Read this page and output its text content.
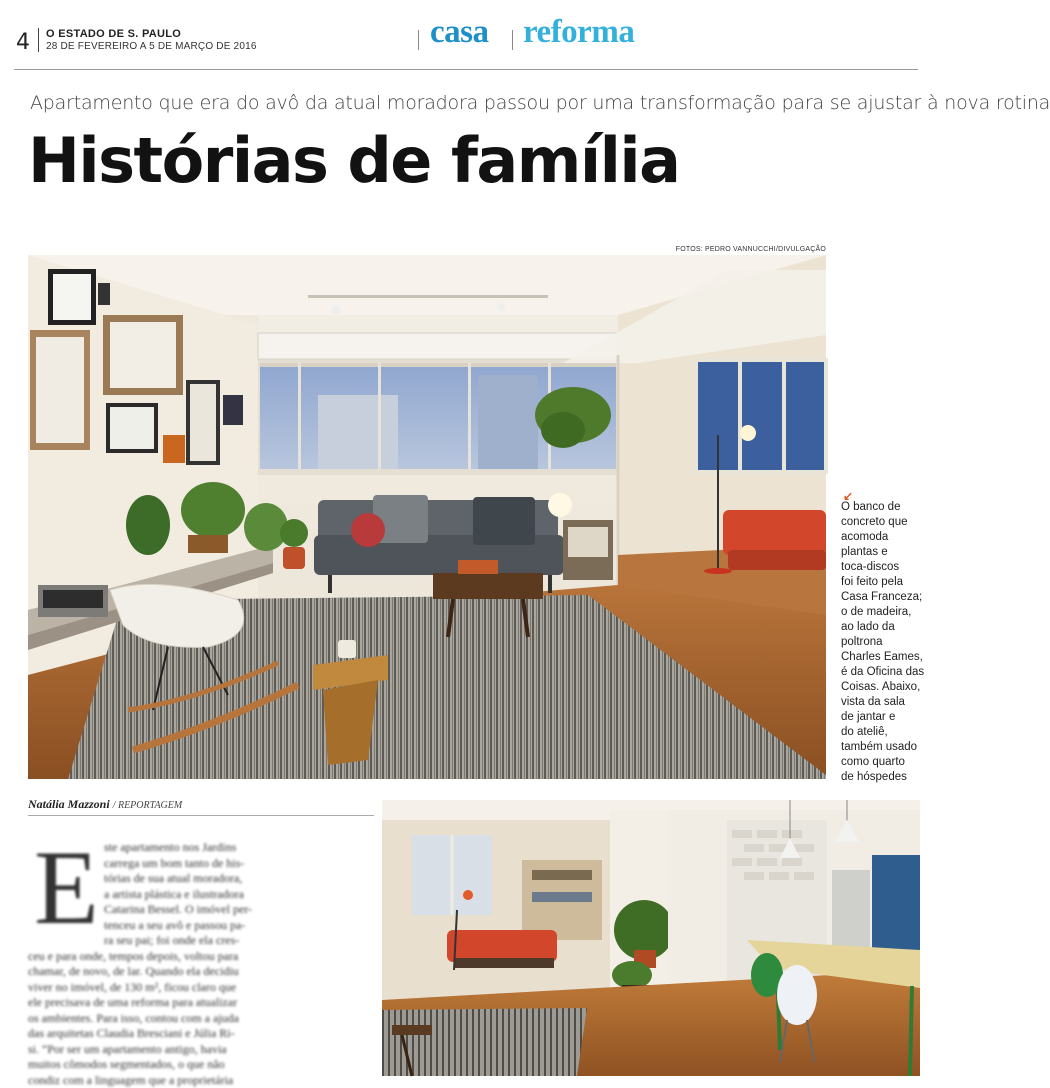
4 O ESTADO DE S. PAULO
28 DE FEVEREIRO A 5 DE MARÇO DE 2016	casa reforma
Apartamento que era do avô da atual moradora passou por uma transformação para se ajustar à nova rotina
Histórias de família
FOTOS: PEDRO VANNUCCHI/DIVULGAÇÃO
↙
O banco de
concreto que
acomoda
plantas e
toca-discos
foi feito pela
Casa Franceza;
o de madeira,
ao lado da
poltrona
Charles Eames,
é da Oficina das
Coisas. Abaixo,
vista da sala
de jantar e
do ateliê,
também usado
como quarto
de hóspedes
Natália Mazzoni / REPORTAGEM
E ste apartamento nos Jardins
carrega um bom tanto de his-
tórias de sua atual moradora,
a artista plástica e ilustradora
Catarina Bessel. O imóvel per-
tenceu a seu avô e passou pa-
ra seu pai; foi onde ela cres-
ceu e para onde, tempos depois, voltou para
chamar, de novo, de lar. Quando ela decidiu
viver no imóvel, de 130 m², ficou claro que
ele precisava de uma reforma para atualizar
os ambientes. Para isso, contou com a ajuda
das arquitetas Claudia Bresciani e Júlia Ri-
si. “Por ser um apartamento antigo, havia
muitos cômodos segmentados, o que não
condiz com a linguagem que a proprietária
